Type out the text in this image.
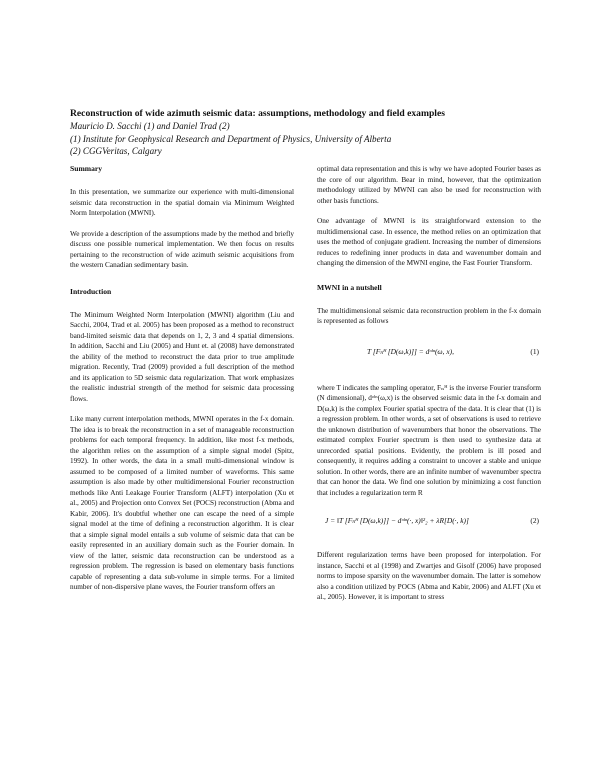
Reconstruction of wide azimuth seismic data: assumptions, methodology and field examples

Mauricio D. Sacchi (1) and Daniel Trad (2)

(1) Institute for Geophysical Research and Department of Physics, University of Alberta

(2) CGGVeritas, Calgary

Summary

In this presentation, we summarize our experience with multi-dimensional seismic data reconstruction in the spatial domain via Minimum Weighted Norm Interpolation (MWNI).

We provide a description of the assumptions made by the method and briefly discuss one possible numerical implementation. We then focus on results pertaining to the reconstruction of wide azimuth seismic acquisitions from the western Canadian sedimentary basin.

Introduction

The Minimum Weighted Norm Interpolation (MWNI) algorithm (Liu and Sacchi, 2004, Trad et al. 2005) has been proposed as a method to reconstruct band-limited seismic data that depends on 1, 2, 3 and 4 spatial dimensions. In addition, Sacchi and Liu (2005) and Hunt et. al (2008) have demonstrated the ability of the method to reconstruct the data prior to true amplitude migration. Recently, Trad (2009) provided a full description of the method and its application to 5D seismic data regularization. That work emphasizes the realistic industrial strength of the method for seismic data processing flows.

Like many current interpolation methods, MWNI operates in the f-x domain. The idea is to break the reconstruction in a set of manageable reconstruction problems for each temporal frequency. In addition, like most f-x methods, the algorithm relies on the assumption of a simple signal model (Spitz, 1992). In other words, the data in a small multi-dimensional window is assumed to be composed of a limited number of waveforms. This same assumption is also made by other multidimensional Fourier reconstruction methods like Anti Leakage Fourier Transform (ALFT) interpolation (Xu et al., 2005) and Projection onto Convex Set (POCS) reconstruction (Abma and Kabir, 2006). It's doubtful whether one can escape the need of a simple signal model at the time of defining a reconstruction algorithm. It is clear that a simple signal model entails a sub volume of seismic data that can be easily represented in an auxiliary domain such as the Fourier domain. In view of the latter, seismic data reconstruction can be understood as a regression problem. The regression is based on elementary basis functions capable of representing a data sub-volume in simple terms. For a limited number of non-dispersive plane waves, the Fourier transform offers an

optimal data representation and this is why we have adopted Fourier bases as the core of our algorithm. Bear in mind, however, that the optimization methodology utilized by MWNI can also be used for reconstruction with other basis functions.

One advantage of MWNI is its straightforward extension to the multidimensional case. In essence, the method relies on an optimization that uses the method of conjugate gradient. Increasing the number of dimensions reduces to redefining inner products in data and wavenumber domain and changing the dimension of the MWNI engine, the Fast Fourier Transform.

MWNI in a nutshell

The multidimensional seismic data reconstruction problem in the f-x domain is represented as follows

T [Fₙᴴ [D(ω,k)]] = dᵒᵇˢ(ω, x),	(1)

where T indicates the sampling operator, Fₙᴴ is the inverse Fourier transform (N dimensional), dᵒᵇˢ(ω,x) is the observed seismic data in the f-x domain and D(ω,k) is the complex Fourier spatial spectra of the data. It is clear that (1) is a regression problem. In other words, a set of observations is used to retrieve the unknown distribution of wavenumbers that honor the observations. The estimated complex Fourier spectrum is then used to synthesize data at unrecorded spatial positions. Evidently, the problem is ill posed and consequently, it requires adding a constraint to uncover a stable and unique solution. In other words, there are an infinite number of wavenumber spectra that can honor the data. We find one solution by minimizing a cost function that includes a regularization term R

J = ‖T [Fₙᴴ [D(ω,k)]] − dᵒᵇˢ(·, x)‖²₂ + λR[D(·, k)]	(2)

Different regularization terms have been proposed for interpolation. For instance, Sacchi et al (1998) and Zwartjes and Gisolf (2006) have proposed norms to impose sparsity on the wavenumber domain. The latter is somehow also a condition utilized by POCS (Abma and Kabir, 2006) and ALFT (Xu et al., 2005). However, it is important to stress
